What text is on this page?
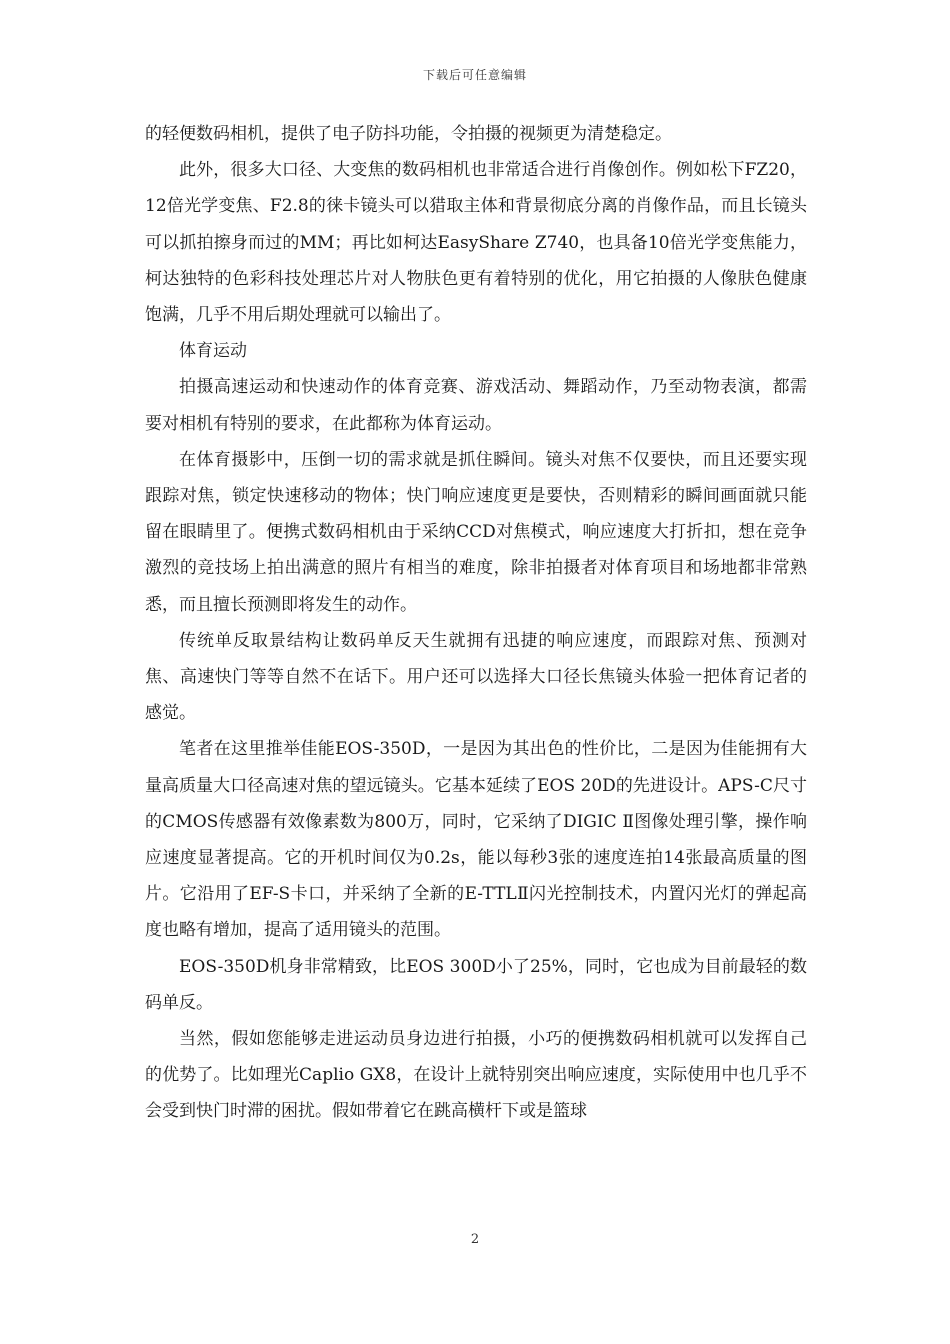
下载后可任意编辑

的轻便数码相机，提供了电子防抖功能，令拍摄的视频更为清楚稳定。

此外，很多大口径、大变焦的数码相机也非常适合进行肖像创作。例如松下FZ20，12倍光学变焦、F2.8的徕卡镜头可以猎取主体和背景彻底分离的肖像作品，而且长镜头可以抓拍擦身而过的MM；再比如柯达EasyShare Z740，也具备10倍光学变焦能力，柯达独特的色彩科技处理芯片对人物肤色更有着特别的优化，用它拍摄的人像肤色健康饱满，几乎不用后期处理就可以输出了。

体育运动

拍摄高速运动和快速动作的体育竞赛、游戏活动、舞蹈动作，乃至动物表演，都需要对相机有特别的要求，在此都称为体育运动。

在体育摄影中，压倒一切的需求就是抓住瞬间。镜头对焦不仅要快，而且还要实现跟踪对焦，锁定快速移动的物体；快门响应速度更是要快，否则精彩的瞬间画面就只能留在眼睛里了。便携式数码相机由于采纳CCD对焦模式，响应速度大打折扣，想在竞争激烈的竞技场上拍出满意的照片有相当的难度，除非拍摄者对体育项目和场地都非常熟悉，而且擅长预测即将发生的动作。

传统单反取景结构让数码单反天生就拥有迅捷的响应速度，而跟踪对焦、预测对焦、高速快门等等自然不在话下。用户还可以选择大口径长焦镜头体验一把体育记者的感觉。

笔者在这里推举佳能EOS-350D，一是因为其出色的性价比，二是因为佳能拥有大量高质量大口径高速对焦的望远镜头。它基本延续了EOS 20D的先进设计。APS-C尺寸的CMOS传感器有效像素数为800万，同时，它采纳了DIGIC Ⅱ图像处理引擎，操作响应速度显著提高。它的开机时间仅为0.2s，能以每秒3张的速度连拍14张最高质量的图片。它沿用了EF-S卡口，并采纳了全新的E-TTLⅡ闪光控制技术，内置闪光灯的弹起高度也略有增加，提高了适用镜头的范围。

EOS-350D机身非常精致，比EOS 300D小了25%，同时，它也成为目前最轻的数码单反。

当然，假如您能够走进运动员身边进行拍摄，小巧的便携数码相机就可以发挥自己的优势了。比如理光Caplio GX8，在设计上就特别突出响应速度，实际使用中也几乎不会受到快门时滞的困扰。假如带着它在跳高横杆下或是篮球

2
